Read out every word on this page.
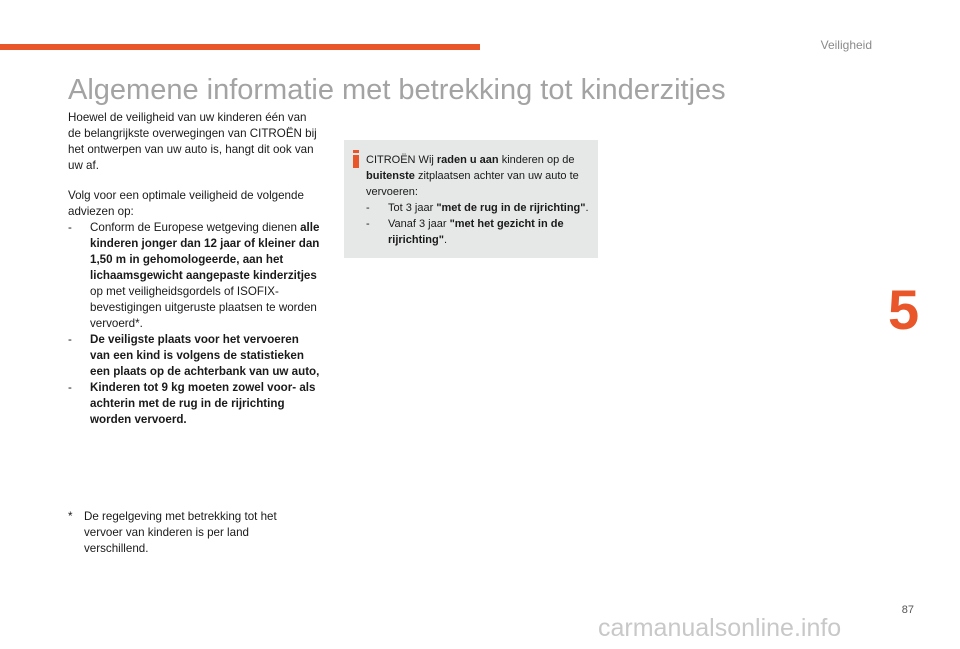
Veiligheid
5
Algemene informatie met betrekking tot kinderzitjes

Hoewel de veiligheid van uw kinderen één van de belangrijkste overwegingen van CITROËN bij het ontwerpen van uw auto is, hangt dit ook van uw af.

Volg voor een optimale veiligheid de volgende adviezen op:

- Conform de Europese wetgeving dienen alle kinderen jonger dan 12 jaar of kleiner dan 1,50 m in gehomologeerde, aan het lichaamsgewicht aangepaste kinderzitjes op met veiligheidsgordels of ISOFIX-bevestigingen uitgeruste plaatsen te worden vervoerd*.
- De veiligste plaats voor het vervoeren van een kind is volgens de statistieken een plaats op de achterbank van uw auto,
- Kinderen tot 9 kg moeten zowel voor- als achterin met de rug in de rijrichting worden vervoerd.
* De regelgeving met betrekking tot het vervoer van kinderen is per land verschillend.
CITROËN Wij raden u aan kinderen op de buitenste zitplaatsen achter van uw auto te vervoeren:
- Tot 3 jaar "met de rug in de rijrichting".
- Vanaf 3 jaar "met het gezicht in de rijrichting".
87
carmanualsonline.info
